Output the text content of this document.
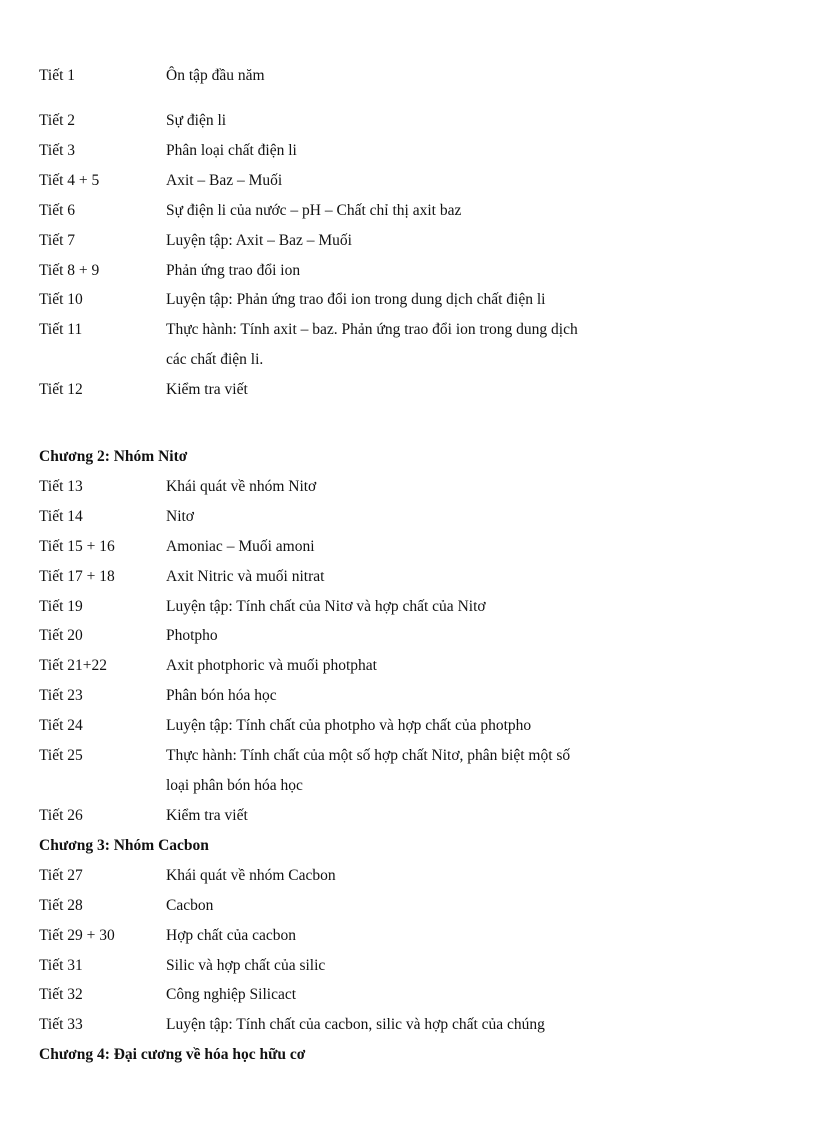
Tiết 1	Ôn tập đầu năm
Tiết 2	Sự điện li
Tiết 3	Phân loại chất điện li
Tiết 4 + 5	Axit – Baz – Muối
Tiết 6	Sự điện li của nước – pH – Chất chỉ thị axit baz
Tiết 7	Luyện tập: Axit – Baz – Muối
Tiết 8 + 9	Phản ứng trao đổi ion
Tiết 10	Luyện tập: Phản ứng trao đổi ion trong dung dịch chất điện li
Tiết 11	Thực hành: Tính axit – baz. Phản ứng trao đổi ion trong dung dịch
các chất điện li.
Tiết 12	Kiểm tra viết
Chương 2: Nhóm Nitơ
Tiết 13	Khái quát về nhóm Nitơ
Tiết 14	Nitơ
Tiết 15 + 16	Amoniac – Muối amoni
Tiết 17 + 18	Axit Nitric và muối nitrat
Tiết 19	Luyện tập: Tính chất của Nitơ và hợp chất của Nitơ
Tiết 20	Photpho
Tiết 21+22	Axit photphoric và muối photphat
Tiết 23	Phân bón hóa học
Tiết 24	Luyện tập: Tính chất của photpho và hợp chất của photpho
Tiết 25	Thực hành: Tính chất của một số hợp chất Nitơ, phân biệt một số
loại phân bón hóa học
Tiết 26	Kiểm tra viết
Chương 3: Nhóm Cacbon
Tiết 27	Khái quát về nhóm Cacbon
Tiết 28	Cacbon
Tiết 29 + 30	Hợp chất của cacbon
Tiết 31	Silic và hợp chất của silic
Tiết 32	Công nghiệp Silicact
Tiết 33	Luyện tập: Tính chất của cacbon, silic và hợp chất của chúng
Chương 4: Đại cương về hóa học hữu cơ
